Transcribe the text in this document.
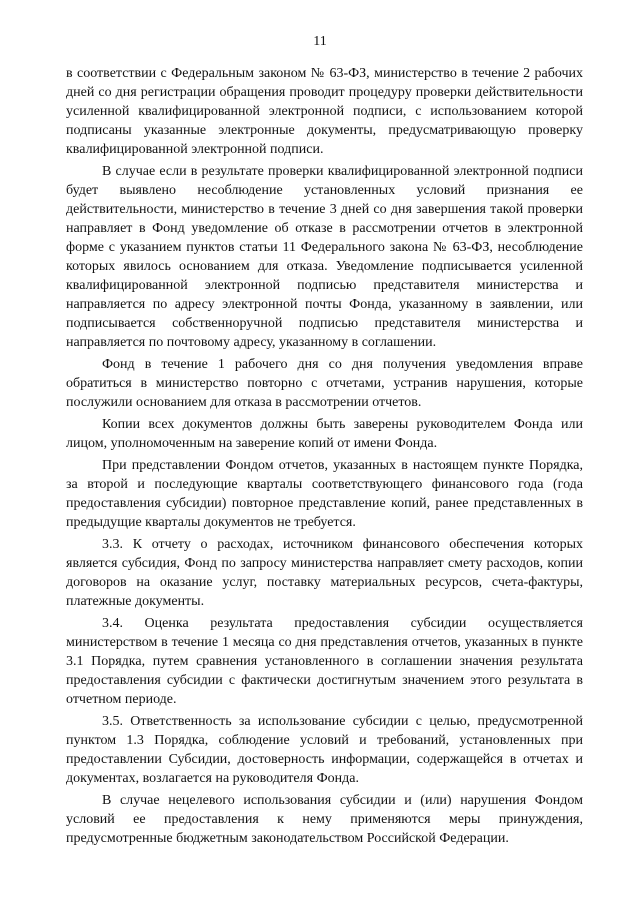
11

в соответствии с Федеральным законом № 63-ФЗ, министерство в течение 2 рабочих дней со дня регистрации обращения проводит процедуру проверки действительности усиленной квалифицированной электронной подписи, с использованием которой подписаны указанные электронные документы, предусматривающую проверку квалифицированной электронной подписи.

В случае если в результате проверки квалифицированной электронной подписи будет выявлено несоблюдение установленных условий признания ее действительности, министерство в течение 3 дней со дня завершения такой проверки направляет в Фонд уведомление об отказе в рассмотрении отчетов в электронной форме с указанием пунктов статьи 11 Федерального закона № 63-ФЗ, несоблюдение которых явилось основанием для отказа. Уведомление подписывается усиленной квалифицированной электронной подписью представителя министерства и направляется по адресу электронной почты Фонда, указанному в заявлении, или подписывается собственноручной подписью представителя министерства и направляется по почтовому адресу, указанному в соглашении.

Фонд в течение 1 рабочего дня со дня получения уведомления вправе обратиться в министерство повторно с отчетами, устранив нарушения, которые послужили основанием для отказа в рассмотрении отчетов.

Копии всех документов должны быть заверены руководителем Фонда или лицом, уполномоченным на заверение копий от имени Фонда.

При представлении Фондом отчетов, указанных в настоящем пункте Порядка, за второй и последующие кварталы соответствующего финансового года (года предоставления субсидии) повторное представление копий, ранее представленных в предыдущие кварталы документов не требуется.

3.3. К отчету о расходах, источником финансового обеспечения которых является субсидия, Фонд по запросу министерства направляет смету расходов, копии договоров на оказание услуг, поставку материальных ресурсов, счета-фактуры, платежные документы.

3.4. Оценка результата предоставления субсидии осуществляется министерством в течение 1 месяца со дня представления отчетов, указанных в пункте 3.1 Порядка, путем сравнения установленного в соглашении значения результата предоставления субсидии с фактически достигнутым значением этого результата в отчетном периоде.

3.5. Ответственность за использование субсидии с целью, предусмотренной пунктом 1.3 Порядка, соблюдение условий и требований, установленных при предоставлении Субсидии, достоверность информации, содержащейся в отчетах и документах, возлагается на руководителя Фонда.

В случае нецелевого использования субсидии и (или) нарушения Фондом условий ее предоставления к нему применяются меры принуждения, предусмотренные бюджетным законодательством Российской Федерации.
